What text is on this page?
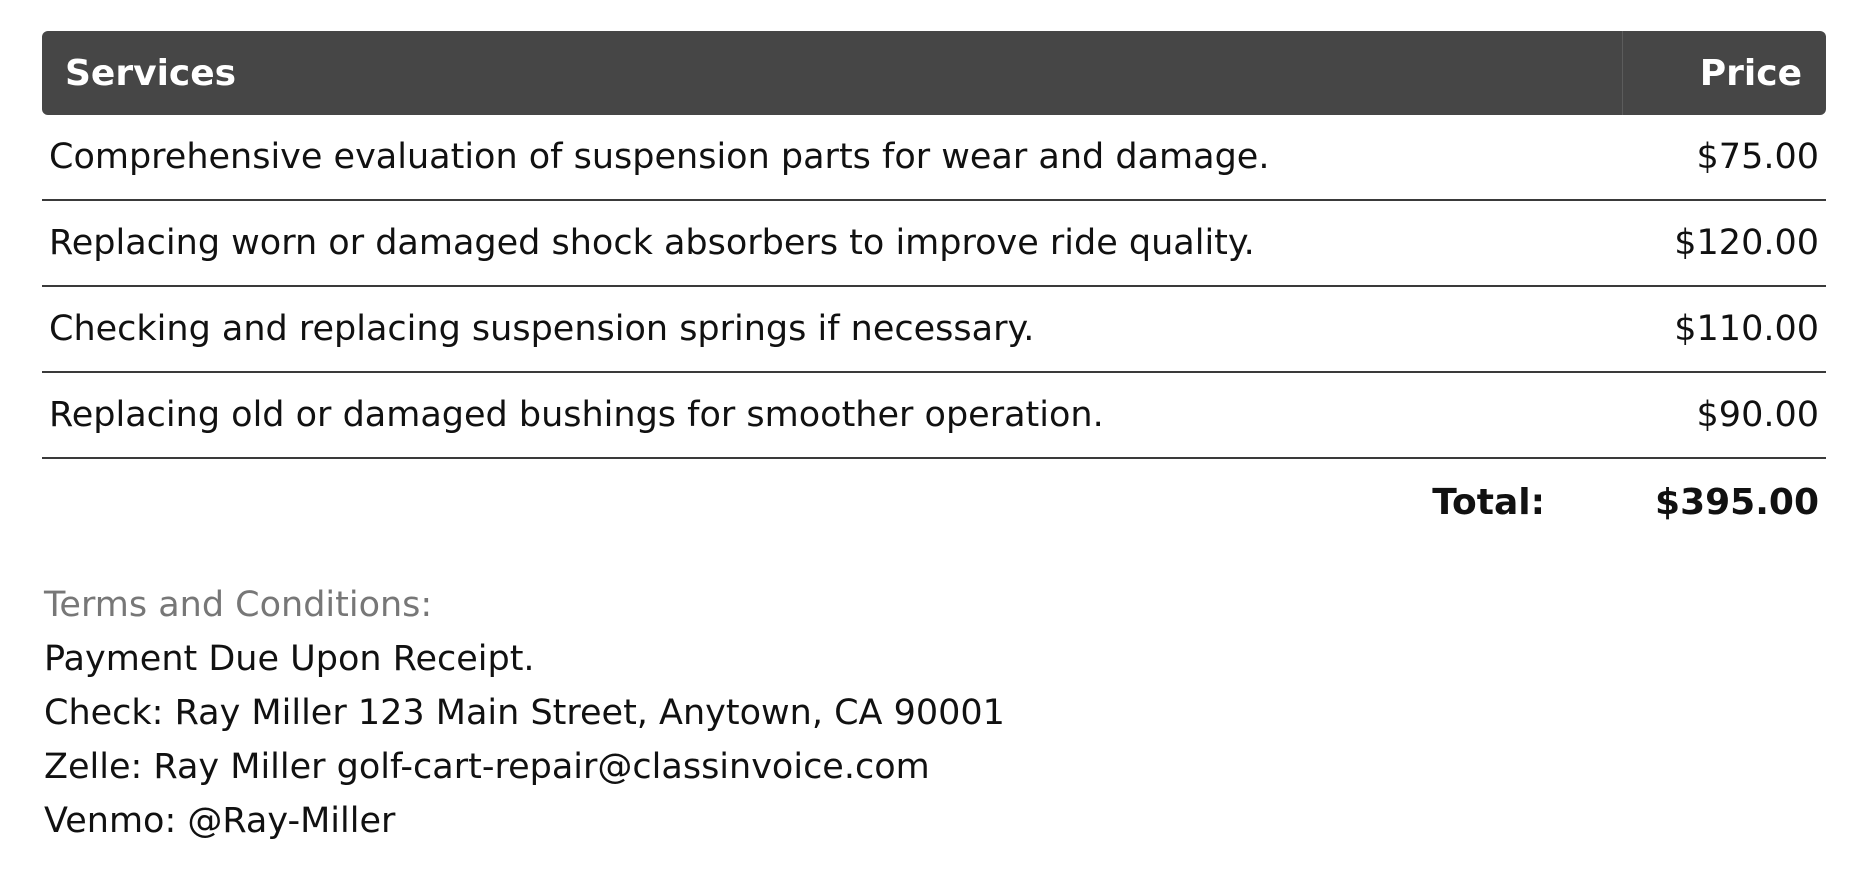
Services	Price
Comprehensive evaluation of suspension parts for wear and damage.	$75.00
Replacing worn or damaged shock absorbers to improve ride quality.	$120.00
Checking and replacing suspension springs if necessary.	$110.00
Replacing old or damaged bushings for smoother operation.	$90.00
Total:	$395.00
Terms and Conditions:
Payment Due Upon Receipt.
Check: Ray Miller 123 Main Street, Anytown, CA 90001
Zelle: Ray Miller golf-cart-repair@classinvoice.com
Venmo: @Ray-Miller
